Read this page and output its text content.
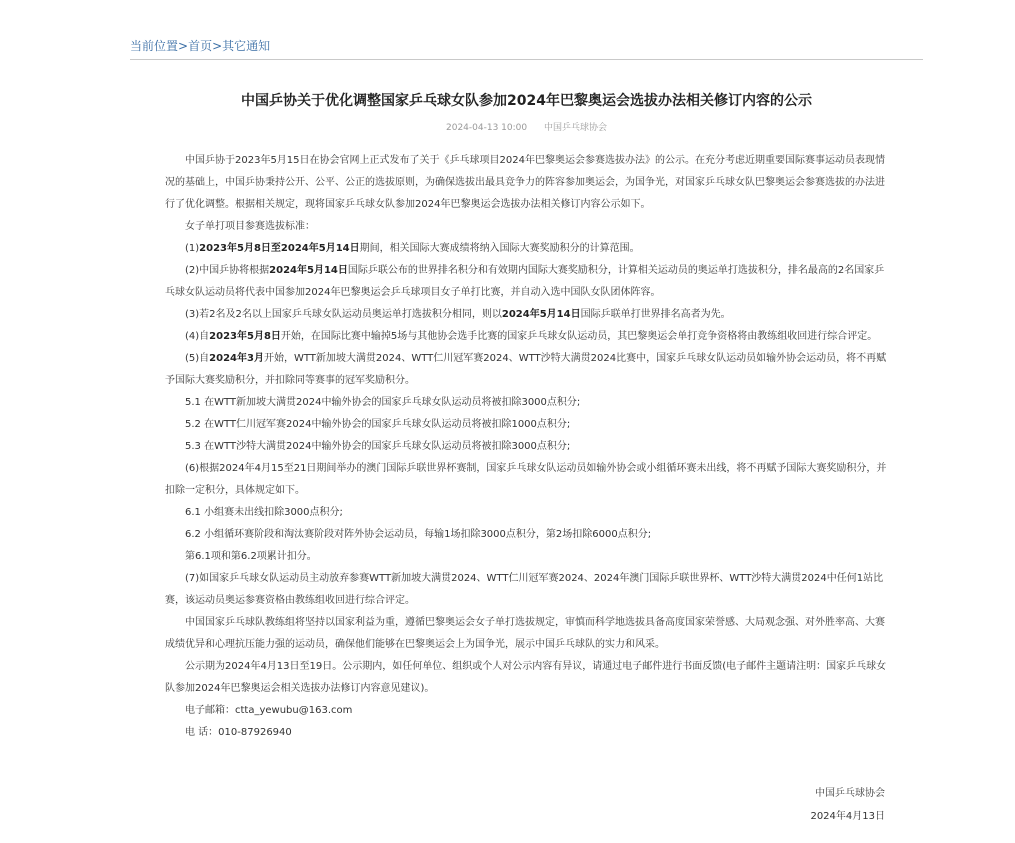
当前位置>首页>其它通知
中国乒协关于优化调整国家乒乓球女队参加2024年巴黎奥运会选拔办法相关修订内容的公示
2024-04-13 10:00 中国乒乓球协会

中国乒协于2023年5月15日在协会官网上正式发布了关于《乒乓球项目2024年巴黎奥运会参赛选拔办法》的公示。在充分考虑近期重要国际赛事运动员表现情况的基础上，中国乒协秉持公开、公平、公正的选拔原则，为确保选拔出最具竞争力的阵容参加奥运会，为国争光，对国家乒乓球女队巴黎奥运会参赛选拔的办法进行了优化调整。根据相关规定，现将国家乒乓球女队参加2024年巴黎奥运会选拔办法相关修订内容公示如下。

女子单打项目参赛选拔标准：

(1)2023年5月8日至2024年5月14日期间，相关国际大赛成绩将纳入国际大赛奖励积分的计算范围。

(2)中国乒协将根据2024年5月14日国际乒联公布的世界排名积分和有效期内国际大赛奖励积分，计算相关运动员的奥运单打选拔积分，排名最高的2名国家乒乓球女队运动员将代表中国参加2024年巴黎奥运会乒乓球项目女子单打比赛，并自动入选中国队女队团体阵容。

(3)若2名及2名以上国家乒乓球女队运动员奥运单打选拔积分相同，则以2024年5月14日国际乒联单打世界排名高者为先。

(4)自2023年5月8日开始，在国际比赛中输掉5场与其他协会选手比赛的国家乒乓球女队运动员，其巴黎奥运会单打竞争资格将由教练组收回进行综合评定。

(5)自2024年3月开始，WTT新加坡大满贯2024、WTT仁川冠军赛2024、WTT沙特大满贯2024比赛中，国家乒乓球女队运动员如输外协会运动员，将不再赋予国际大赛奖励积分，并扣除同等赛事的冠军奖励积分。

5.1 在WTT新加坡大满贯2024中输外协会的国家乒乓球女队运动员将被扣除3000点积分;

5.2 在WTT仁川冠军赛2024中输外协会的国家乒乓球女队运动员将被扣除1000点积分;

5.3 在WTT沙特大满贯2024中输外协会的国家乒乓球女队运动员将被扣除3000点积分;

(6)根据2024年4月15至21日期间举办的澳门国际乒联世界杯赛制，国家乒乓球女队运动员如输外协会或小组循环赛未出线，将不再赋予国际大赛奖励积分，并扣除一定积分，具体规定如下。

6.1 小组赛未出线扣除3000点积分;

6.2 小组循环赛阶段和淘汰赛阶段对阵外协会运动员，每输1场扣除3000点积分，第2场扣除6000点积分;

第6.1项和第6.2项累计扣分。

(7)如国家乒乓球女队运动员主动放弃参赛WTT新加坡大满贯2024、WTT仁川冠军赛2024、2024年澳门国际乒联世界杯、WTT沙特大满贯2024中任何1站比赛，该运动员奥运参赛资格由教练组收回进行综合评定。

中国国家乒乓球队教练组将坚持以国家利益为重，遵循巴黎奥运会女子单打选拔规定，审慎而科学地选拔具备高度国家荣誉感、大局观念强、对外胜率高、大赛成绩优异和心理抗压能力强的运动员，确保他们能够在巴黎奥运会上为国争光，展示中国乒乓球队的实力和风采。

公示期为2024年4月13日至19日。公示期内，如任何单位、组织或个人对公示内容有异议，请通过电子邮件进行书面反馈(电子邮件主题请注明：国家乒乓球女队参加2024年巴黎奥运会相关选拔办法修订内容意见建议)。

电子邮箱：ctta_yewubu@163.com

电 话：010-87926940

中国乒乓球协会
2024年4月13日
